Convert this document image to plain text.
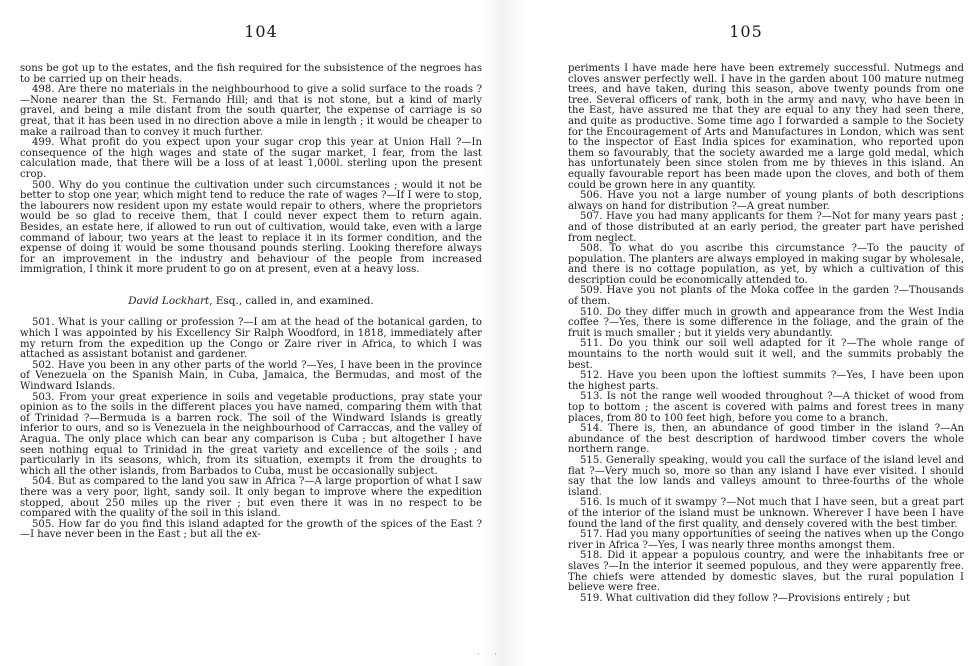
104

sons be got up to the estates, and the fish required for the subsistence of the negroes has to be carried up on their heads.

498. Are there no materials in the neighbourhood to give a solid surface to the roads ?—None nearer than the St. Fernando Hill; and that is not stone, but a kind of marly gravel, and being a mile distant from the south quarter, the expense of carriage is so great, that it has been used in no direction above a mile in length ; it would be cheaper to make a railroad than to convey it much further.

499. What profit do you expect upon your sugar crop this year at Union Hall ?—In consequence of the high wages and state of the sugar market, I fear, from the last calculation made, that there will be a loss of at least 1,000l. sterling upon the present crop.

500. Why do you continue the cultivation under such circumstances ; would it not be better to stop one year, which might tend to reduce the rate of wages ?—If I were to stop, the labourers now resident upon my estate would repair to others, where the proprietors would be so glad to receive them, that I could never expect them to return again. Besides, an estate here, if allowed to run out of cultivation, would take, even with a large command of labour, two years at the least to replace it in its former condition, and the expense of doing it would be some thousand pounds sterling. Looking therefore always for an improvement in the industry and behaviour of the people from increased immigration, I think it more prudent to go on at present, even at a heavy loss.

David Lockhart, Esq., called in, and examined.

501. What is your calling or profession ?—I am at the head of the botanical garden, to which I was appointed by his Excellency Sir Ralph Woodford, in 1818, immediately after my return from the expedition up the Congo or Zaire river in Africa, to which I was attached as assistant botanist and gardener.

502. Have you been in any other parts of the world ?—Yes, I have been in the province of Venezuela on the Spanish Main, in Cuba, Jamaica, the Bermudas, and most of the Windward Islands.

503. From your great experience in soils and vegetable productions, pray state your opinion as to the soils in the different places you have named, comparing them with that of Trinidad ?—Bermuda is a barren rock. The soil of the Windward Islands is greatly inferior to ours, and so is Venezuela in the neighbourhood of Carraccas, and the valley of Aragua. The only place which can bear any comparison is Cuba ; but altogether I have seen nothing equal to Trinidad in the great variety and excellence of the soils ; and particularly in its seasons, which, from its situation, exempts it from the droughts to which all the other islands, from Barbados to Cuba, must be occasionally subject.

504. But as compared to the land you saw in Africa ?—A large proportion of what I saw there was a very poor, light, sandy soil. It only began to improve where the expedition stopped, about 250 miles up the river ; but even there it was in no respect to be compared with the quality of the soil in this island.

505. How far do you find this island adapted for the growth of the spices of the East ?—I have never been in the East ; but all the ex-

105

periments I have made here have been extremely successful. Nutmegs and cloves answer perfectly well. I have in the garden about 100 mature nutmeg trees, and have taken, during this season, above twenty pounds from one tree. Several officers of rank, both in the army and navy, who have been in the East, have assured me that they are equal to any they had seen there, and quite as productive. Some time ago I forwarded a sample to the Society for the Encouragement of Arts and Manufactures in London, which was sent to the inspector of East India spices for examination, who reported upon them so favourably, that the society awarded me a large gold medal, which has unfortunately been since stolen from me by thieves in this island. An equally favourable report has been made upon the cloves, and both of them could be grown here in any quantity.

506. Have you not a large number of young plants of both descriptions always on hand for distribution ?—A great number.

507. Have you had many applicants for them ?—Not for many years past ; and of those distributed at an early period, the greater part have perished from neglect.

508. To what do you ascribe this circumstance ?—To the paucity of population. The planters are always employed in making sugar by wholesale, and there is no cottage population, as yet, by which a cultivation of this description could be economically attended to.

509. Have you not plants of the Moka coffee in the garden ?—Thousands of them.

510. Do they differ much in growth and appearance from the West India coffee ?—Yes, there is some difference in the foliage, and the grain of the fruit is much smaller ; but it yields very abundantly.

511. Do you think our soil well adapted for it ?—The whole range of mountains to the north would suit it well, and the summits probably the best.

512. Have you been upon the loftiest summits ?—Yes, I have been upon the highest parts.

513. Is not the range well wooded throughout ?—A thicket of wood from top to bottom ; the ascent is covered with palms and forest trees in many places, from 80 to 100 feet high, before you come to a branch.

514. There is, then, an abundance of good timber in the island ?—An abundance of the best description of hardwood timber covers the whole northern range.

515. Generally speaking, would you call the surface of the island level and flat ?—Very much so, more so than any island I have ever visited. I should say that the low lands and valleys amount to three-fourths of the whole island.

516. Is much of it swampy ?—Not much that I have seen, but a great part of the interior of the island must be unknown. Wherever I have been I have found the land of the first quality, and densely covered with the best timber.

517. Had you many opportunities of seeing the natives when up the Congo river in Africa ?—Yes, I was nearly three months amongst them.

518. Did it appear a populous country, and were the inhabitants free or slaves ?—In the interior it seemed populous, and they were apparently free. The chiefs were attended by domestic slaves, but the rural population I believe were free.

519. What cultivation did they follow ?—Provisions entirely ; but

· ·
